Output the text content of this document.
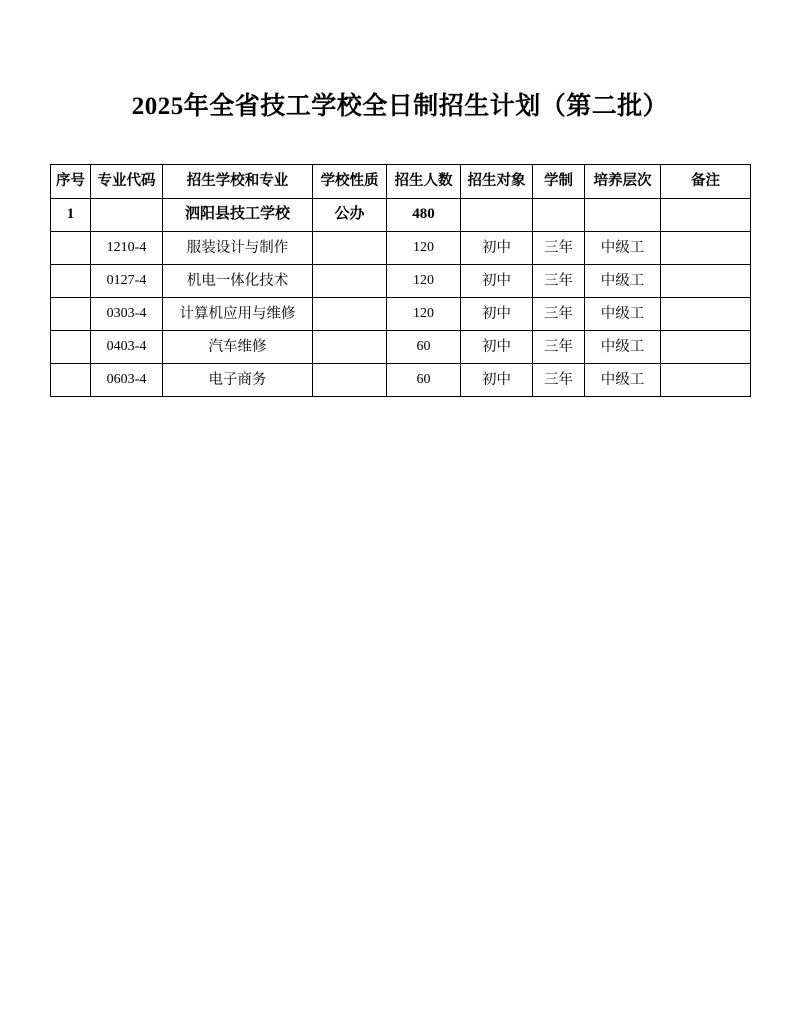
2025年全省技工学校全日制招生计划（第二批）
序号	专业代码	招生学校和专业	学校性质	招生人数	招生对象	学制	培养层次	备注
1		泗阳县技工学校	公办	480				
	1210-4	服装设计与制作		120	初中	三年	中级工	
	0127-4	机电一体化技术		120	初中	三年	中级工	
	0303-4	计算机应用与维修		120	初中	三年	中级工	
	0403-4	汽车维修		60	初中	三年	中级工	
	0603-4	电子商务		60	初中	三年	中级工	
